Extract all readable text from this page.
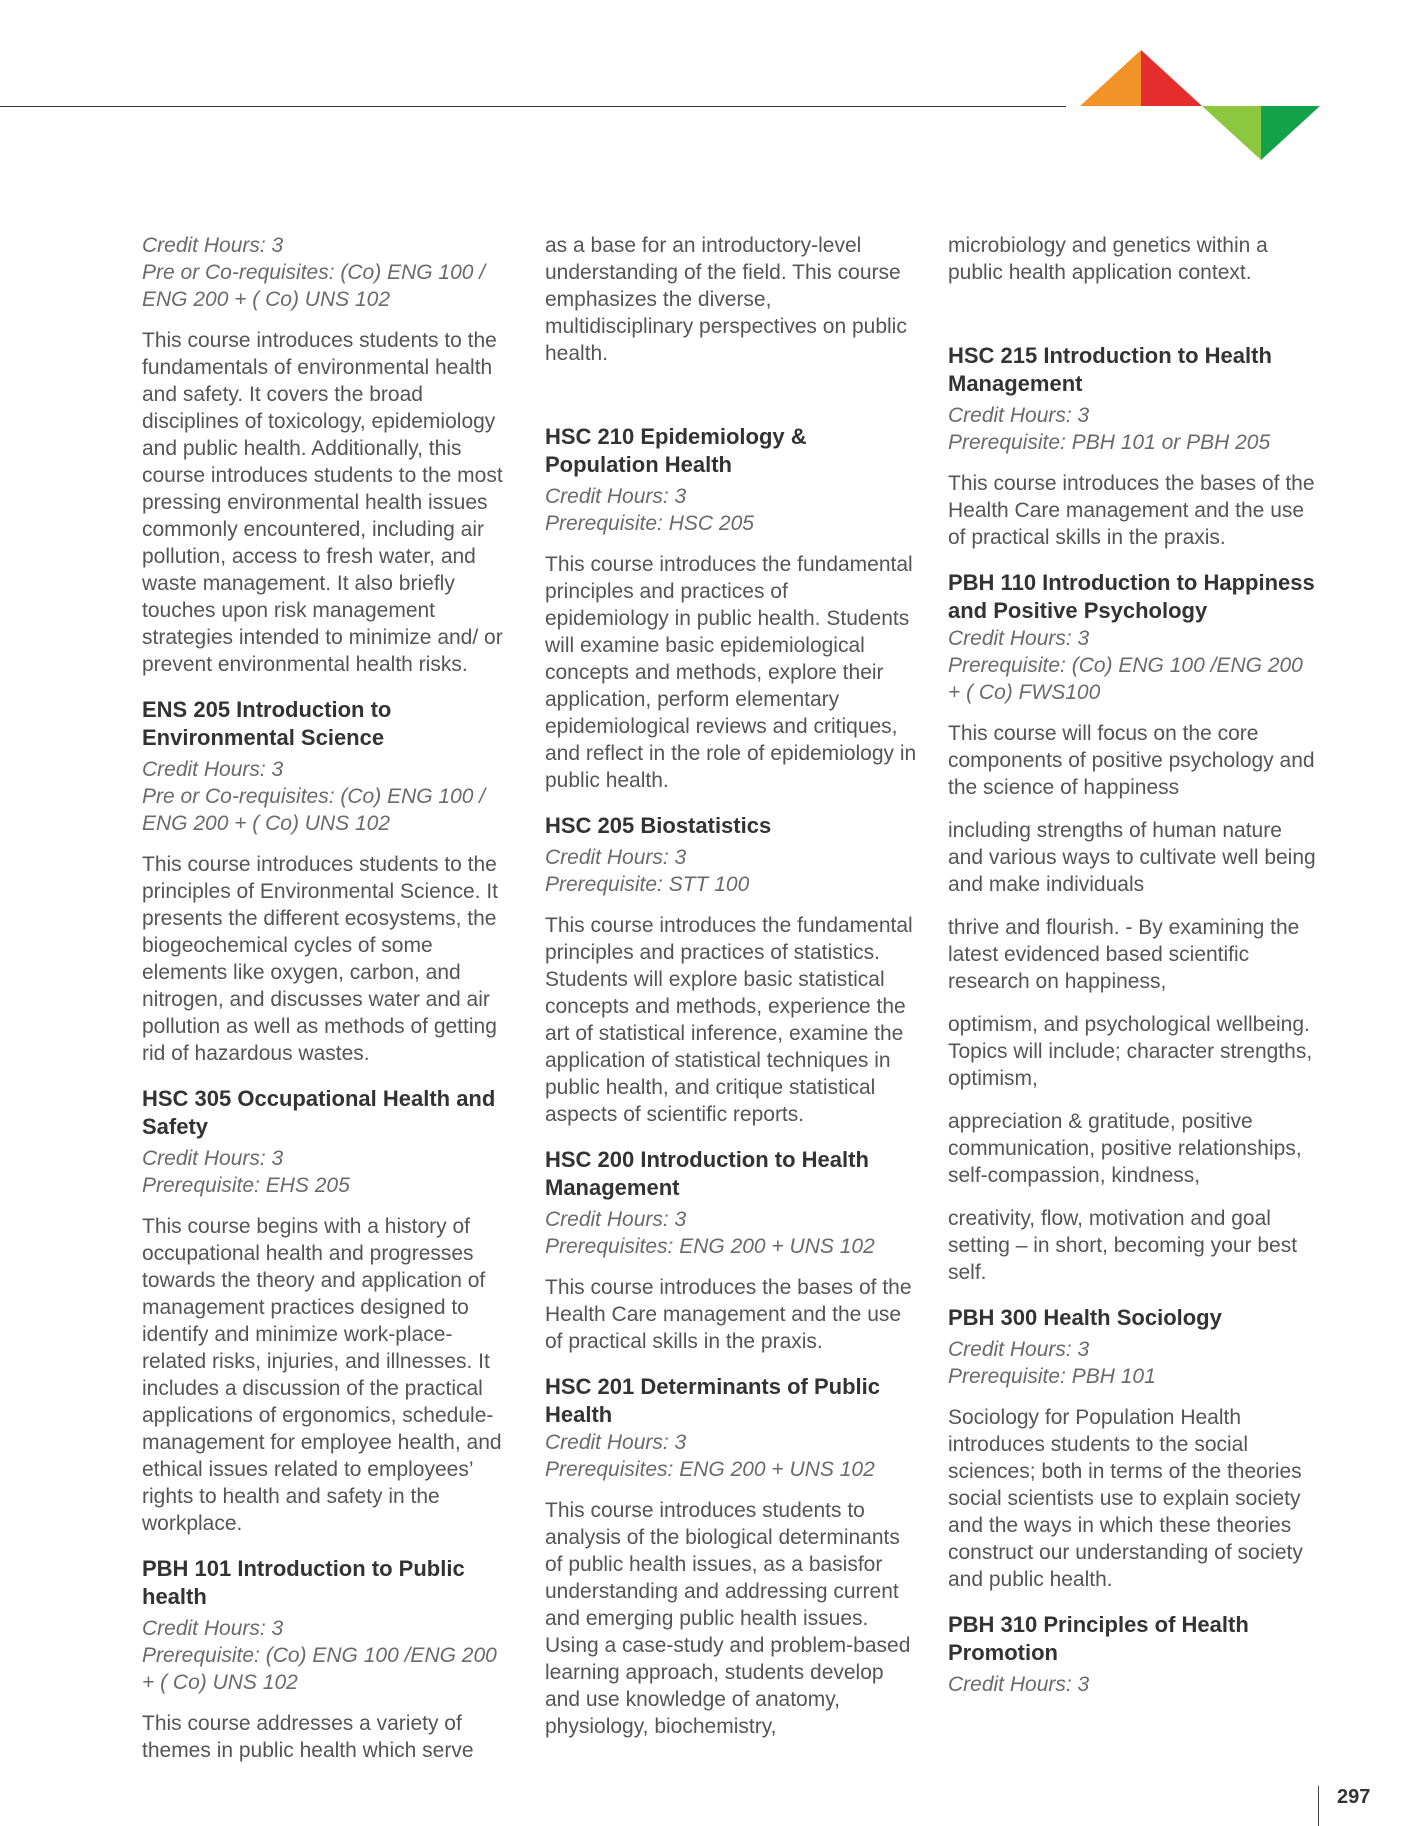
Credit Hours: 3
Pre or Co-requisites: (Co) ENG 100 /
ENG 200 + ( Co) UNS 102

This course introduces students to the fundamentals of environmental health and safety. It covers the broad disciplines of toxicology, epidemiology and public health. Additionally, this course introduces students to the most pressing environmental health issues commonly encountered, including air pollution, access to fresh water, and waste management. It also briefly touches upon risk management strategies intended to minimize and/ or prevent environmental health risks.

ENS 205 Introduction to Environmental Science
Credit Hours: 3
Pre or Co-requisites: (Co) ENG 100 /
ENG 200 + ( Co) UNS 102

This course introduces students to the principles of Environmental Science. It presents the different ecosystems, the biogeochemical cycles of some elements like oxygen, carbon, and nitrogen, and discusses water and air pollution as well as methods of getting rid of hazardous wastes.

HSC 305 Occupational Health and Safety
Credit Hours: 3
Prerequisite: EHS 205

This course begins with a history of occupational health and progresses towards the theory and application of management practices designed to identify and minimize work-place-related risks, injuries, and illnesses. It includes a discussion of the practical applications of ergonomics, schedule-management for employee health, and ethical issues related to employees’ rights to health and safety in the workplace.

PBH 101 Introduction to Public health
Credit Hours: 3
Prerequisite: (Co) ENG 100 /ENG 200
+ ( Co) UNS 102

This course addresses a variety of themes in public health which serve

as a base for an introductory-level understanding of the field. This course emphasizes the diverse, multidisciplinary perspectives on public health.

HSC 210 Epidemiology & Population Health
Credit Hours: 3
Prerequisite: HSC 205

This course introduces the fundamental principles and practices of epidemiology in public health. Students will examine basic epidemiological concepts and methods, explore their application, perform elementary epidemiological reviews and critiques, and reflect in the role of epidemiology in public health.

HSC 205 Biostatistics
Credit Hours: 3
Prerequisite: STT 100

This course introduces the fundamental principles and practices of statistics. Students will explore basic statistical concepts and methods, experience the art of statistical inference, examine the application of statistical techniques in public health, and critique statistical aspects of scientific reports.

HSC 200 Introduction to Health Management
Credit Hours: 3
Prerequisites: ENG 200 + UNS 102

This course introduces the bases of the Health Care management and the use of practical skills in the praxis.

HSC 201 Determinants of Public Health
Credit Hours: 3
Prerequisites: ENG 200 + UNS 102

This course introduces students to analysis of the biological determinants of public health issues, as a basisfor understanding and addressing current and emerging public health issues. Using a case-study and problem-based learning approach, students develop and use knowledge of anatomy, physiology, biochemistry,

microbiology and genetics within a public health application context.

HSC 215 Introduction to Health Management
Credit Hours: 3
Prerequisite: PBH 101 or PBH 205

This course introduces the bases of the Health Care management and the use of practical skills in the praxis.

PBH 110 Introduction to Happiness and Positive Psychology
Credit Hours: 3
Prerequisite: (Co) ENG 100 /ENG 200
+ ( Co) FWS100

This course will focus on the core components of positive psychology and the science of happiness

including strengths of human nature and various ways to cultivate well being and make individuals

thrive and flourish. - By examining the latest evidenced based scientific research on happiness,

optimism, and psychological wellbeing. Topics will include; character strengths, optimism,

appreciation & gratitude, positive communication, positive relationships, self-compassion, kindness,

creativity, flow, motivation and goal setting – in short, becoming your best self.

PBH 300 Health Sociology
Credit Hours: 3
Prerequisite: PBH 101

Sociology for Population Health introduces students to the social sciences; both in terms of the theories social scientists use to explain society and the ways in which these theories construct our understanding of society and public health.

PBH 310 Principles of Health Promotion
Credit Hours: 3
297
